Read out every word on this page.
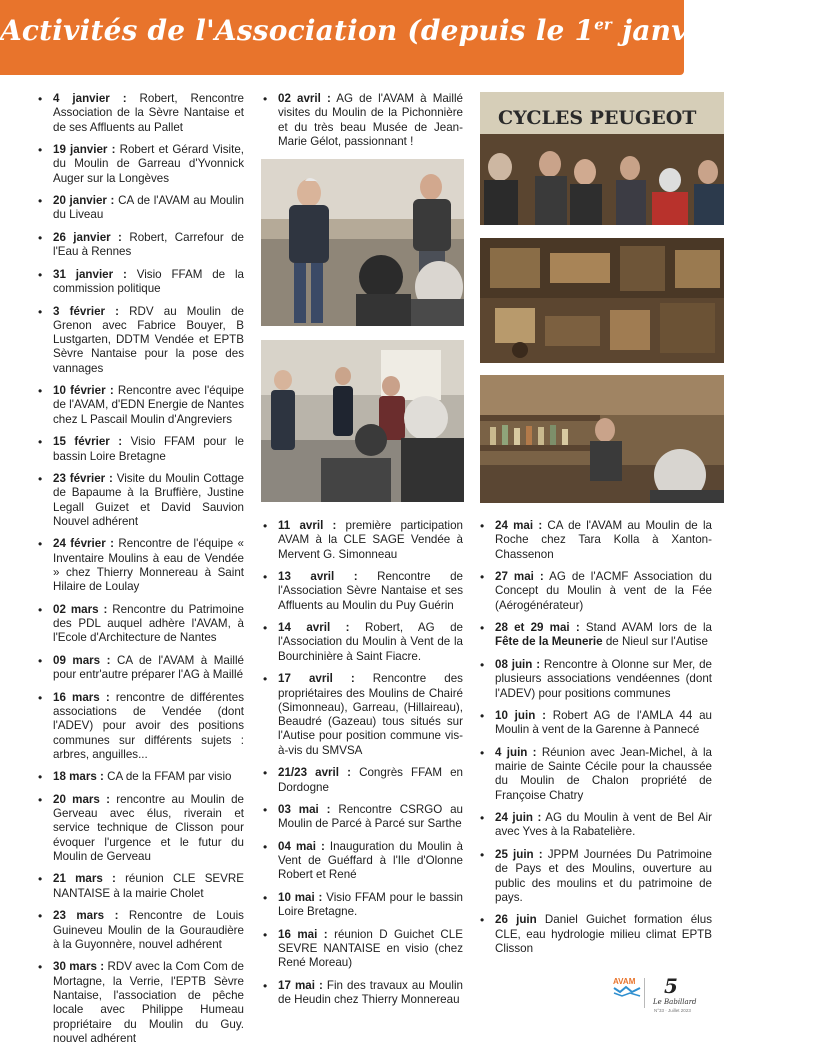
Activités de l'Association (depuis le 1er janvier 2023)
• 4 janvier : Robert, Rencontre Association de la Sèvre Nantaise et de ses Affluents au Pallet
• 19 janvier : Robert et Gérard Visite, du Moulin de Garreau d'Yvonnick Auger sur la Longèves
• 20 janvier : CA de l'AVAM au Moulin du Liveau
• 26 janvier : Robert, Carrefour de l'Eau à Rennes
• 31 janvier : Visio FFAM de la commission politique
• 3 février : RDV au Moulin de Grenon avec Fabrice Bouyer, B Lustgarten, DDTM Vendée et EPTB Sèvre Nantaise pour la pose des vannages
• 10 février : Rencontre avec l'équipe de l'AVAM, d'EDN Energie de Nantes chez L Pascail Moulin d'Angreviers
• 15 février : Visio FFAM pour le bassin Loire Bretagne
• 23 février : Visite du Moulin Cottage de Bapaume à la Bruffière, Justine Legall Guizet et David Sauvion Nouvel adhérent
• 24 février : Rencontre de l'équipe « Inventaire Moulins à eau de Vendée » chez Thierry Monnereau à Saint Hilaire de Loulay
• 02 mars : Rencontre du Patrimoine des PDL auquel adhère l'AVAM, à l'Ecole d'Architecture de Nantes
• 09 mars : CA de l'AVAM à Maillé pour entr'autre préparer l'AG à Maillé
• 16 mars : rencontre de différentes associations de Vendée (dont l'ADEV) pour avoir des positions communes sur différents sujets : arbres, anguilles...
• 18 mars : CA de la FFAM par visio
• 20 mars : rencontre au Moulin de Gerveau avec élus, riverain et service technique de Clisson pour évoquer l'urgence et le futur du Moulin de Gerveau
• 21 mars : réunion CLE SEVRE NANTAISE à la mairie Cholet
• 23 mars : Rencontre de Louis Guineveu Moulin de la Gouraudière à la Guyonnère, nouvel adhérent
• 30 mars : RDV avec la Com Com de Mortagne, la Verrie, l'EPTB Sèvre Nantaise, l'association de pêche locale avec Philippe Humeau propriétaire du Moulin du Guy. nouvel adhérent
• 02 avril : AG de l'AVAM à Maillé visites du Moulin de la Pichonnière et du très beau Musée de Jean-Marie Gélot, passionnant !
CYCLES PEUGEOT
• 11 avril : première participation AVAM à la CLE SAGE Vendée à Mervent G. Simonneau
• 13 avril : Rencontre de l'Association Sèvre Nantaise et ses Affluents au Moulin du Puy Guérin
• 14 avril : Robert, AG de l'Association du Moulin à Vent de la Bourchinière à Saint Fiacre.
• 17 avril : Rencontre des propriétaires des Moulins de Chairé (Simonneau), Garreau, (Hillaireau), Beaudré (Gazeau) tous situés sur l'Autise pour position commune vis-à-vis du SMVSA
• 21/23 avril : Congrès FFAM en Dordogne
• 03 mai : Rencontre CSRGO au Moulin de Parcé à Parcé sur Sarthe
• 04 mai : Inauguration du Moulin à Vent de Guéffard à l'Ile d'Olonne Robert et René
• 10 mai : Visio FFAM pour le bassin Loire Bretagne.
• 16 mai : réunion D Guichet CLE SEVRE NANTAISE en visio (chez René Moreau)
• 17 mai : Fin des travaux au Moulin de Heudin chez Thierry Monnereau
• 24 mai : CA de l'AVAM au Moulin de la Roche chez Tara Kolla à Xanton-Chassenon
• 27 mai : AG de l'ACMF Association du Concept du Moulin à vent de la Fée (Aérogénérateur)
• 28 et 29 mai : Stand AVAM lors de la Fête de la Meunerie de Nieul sur l'Autise
• 08 juin : Rencontre à Olonne sur Mer, de plusieurs associations vendéennes (dont l'ADEV) pour positions communes
• 10 juin : Robert AG de l'AMLA 44 au Moulin à vent de la Garenne à Pannecé
• 4 juin : Réunion avec Jean-Michel, à la mairie de Sainte Cécile pour la chaussée du Moulin de Chalon propriété de Françoise Chatry
• 24 juin : AG du Moulin à vent de Bel Air avec Yves à la Rabatelière.
• 25 juin : JPPM Journées Du Patrimoine de Pays et des Moulins, ouverture au public des moulins et du patrimoine de pays.
• 26 juin Daniel Guichet formation élus CLE, eau hydrologie milieu climat EPTB Clisson
AVAM 5
Le Babillard
N°33 · Juillet 2023
